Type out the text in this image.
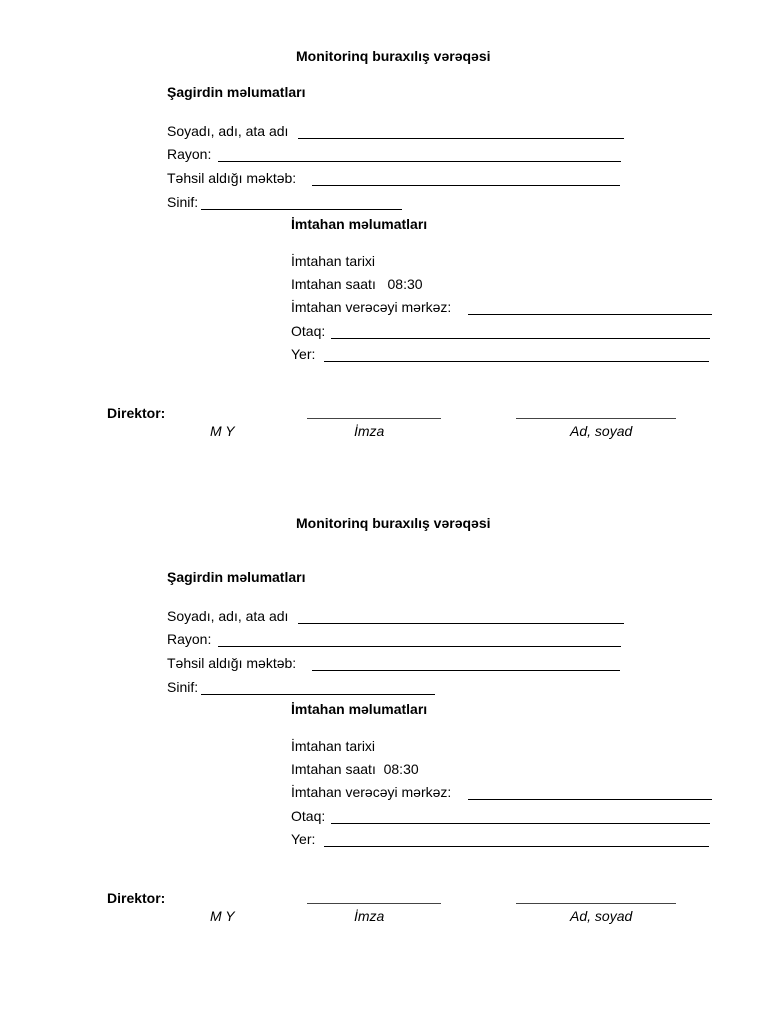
Monitorinq buraxılış vərəqəsi
Şagirdin məlumatları
Soyadı, adı, ata adı
Rayon:
Təhsil aldığı məktəb:
Sinif:
İmtahan məlumatları
İmtahan tarixi
Imtahan saatı   08:30
İmtahan verəcəyi mərkəz:
Otaq:
Yer:
Direktor:
M Y	İmza	Ad, soyad
Monitorinq buraxılış vərəqəsi
Şagirdin məlumatları
Soyadı, adı, ata adı
Rayon:
Təhsil aldığı məktəb:
Sinif:
İmtahan məlumatları
İmtahan tarixi
Imtahan saatı  08:30
İmtahan verəcəyi mərkəz:
Otaq:
Yer:
Direktor:
M Y	İmza	Ad, soyad
